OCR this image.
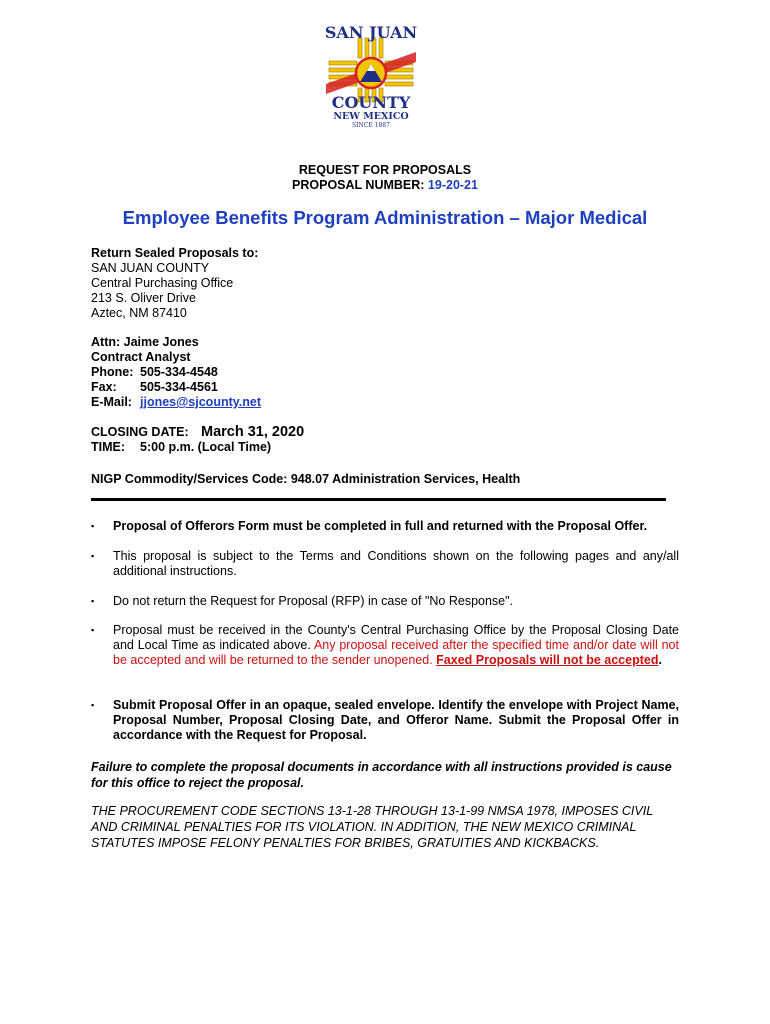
SAN JUAN
COUNTY
NEW MEXICO
SINCE 1887
REQUEST FOR PROPOSALS
PROPOSAL NUMBER: 19-20-21
Employee Benefits Program Administration – Major Medical
Return Sealed Proposals to:
SAN JUAN COUNTY
Central Purchasing Office
213 S. Oliver Drive
Aztec, NM 87410
Attn: Jaime Jones
Contract Analyst
Phone: 505-334-4548
Fax: 505-334-4561
E-Mail: jjones@sjcounty.net
CLOSING DATE: March 31, 2020
TIME: 5:00 p.m. (Local Time)
NIGP Commodity/Services Code: 948.07 Administration Services, Health
▪ Proposal of Offerors Form must be completed in full and returned with the Proposal Offer.
▪ This proposal is subject to the Terms and Conditions shown on the following pages and any/all additional instructions.
▪ Do not return the Request for Proposal (RFP) in case of "No Response".
▪ Proposal must be received in the County's Central Purchasing Office by the Proposal Closing Date and Local Time as indicated above. Any proposal received after the specified time and/or date will not be accepted and will be returned to the sender unopened. Faxed Proposals will not be accepted.
▪ Submit Proposal Offer in an opaque, sealed envelope. Identify the envelope with Project Name, Proposal Number, Proposal Closing Date, and Offeror Name. Submit the Proposal Offer in accordance with the Request for Proposal.
Failure to complete the proposal documents in accordance with all instructions provided is cause for this office to reject the proposal.
THE PROCUREMENT CODE SECTIONS 13-1-28 THROUGH 13-1-99 NMSA 1978, IMPOSES CIVIL AND CRIMINAL PENALTIES FOR ITS VIOLATION. IN ADDITION, THE NEW MEXICO CRIMINAL STATUTES IMPOSE FELONY PENALTIES FOR BRIBES, GRATUITIES AND KICKBACKS.
